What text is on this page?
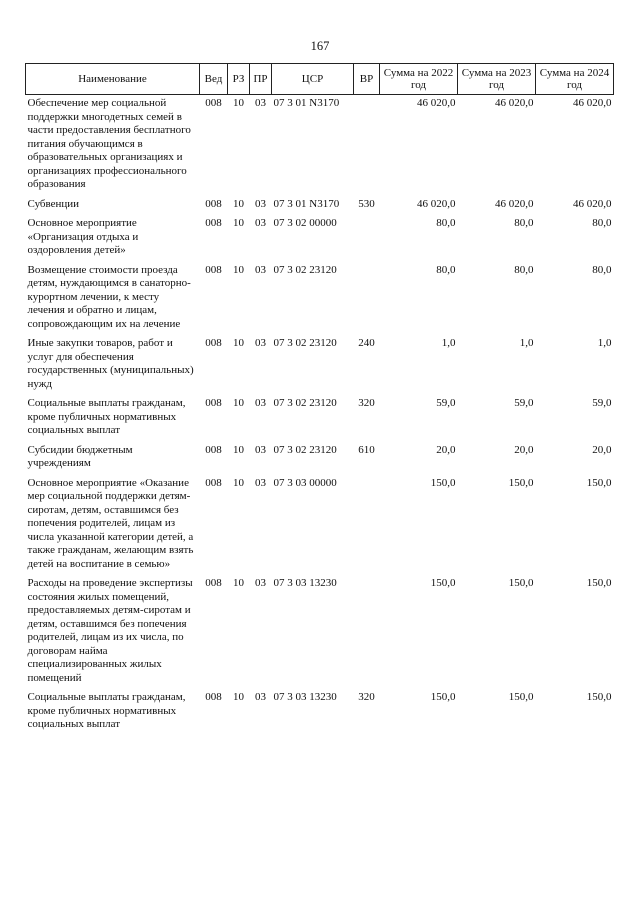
167
Наименование	Вед	РЗ	ПР	ЦСР	ВР	Сумма на 2022 год	Сумма на 2023 год	Сумма на 2024 год
Обеспечение мер социальной поддержки многодетных семей в части предоставления бесплатного питания обучающимся в образовательных организациях и организациях профессионального образования	008	10	03	07 3 01 N3170		46 020,0	46 020,0	46 020,0
Субвенции	008	10	03	07 3 01 N3170	530	46 020,0	46 020,0	46 020,0
Основное мероприятие «Организация отдыха и оздоровления детей»	008	10	03	07 3 02 00000		80,0	80,0	80,0
Возмещение стоимости проезда детям, нуждающимся в санаторно-курортном лечении, к месту лечения и обратно и лицам, сопровождающим их на лечение	008	10	03	07 3 02 23120		80,0	80,0	80,0
Иные закупки товаров, работ и услуг для обеспечения государственных (муниципальных) нужд	008	10	03	07 3 02 23120	240	1,0	1,0	1,0
Социальные выплаты гражданам, кроме публичных нормативных социальных выплат	008	10	03	07 3 02 23120	320	59,0	59,0	59,0
Субсидии бюджетным учреждениям	008	10	03	07 3 02 23120	610	20,0	20,0	20,0
Основное мероприятие «Оказание мер социальной поддержки детям-сиротам, детям, оставшимся без попечения родителей, лицам из числа указанной категории детей, а также гражданам, желающим взять детей на воспитание в семью»	008	10	03	07 3 03 00000		150,0	150,0	150,0
Расходы на проведение экспертизы состояния жилых помещений, предоставляемых детям-сиротам и детям, оставшимся без попечения родителей, лицам из их числа, по договорам найма специализированных жилых помещений	008	10	03	07 3 03 13230		150,0	150,0	150,0
Социальные выплаты гражданам, кроме публичных нормативных социальных выплат	008	10	03	07 3 03 13230	320	150,0	150,0	150,0
